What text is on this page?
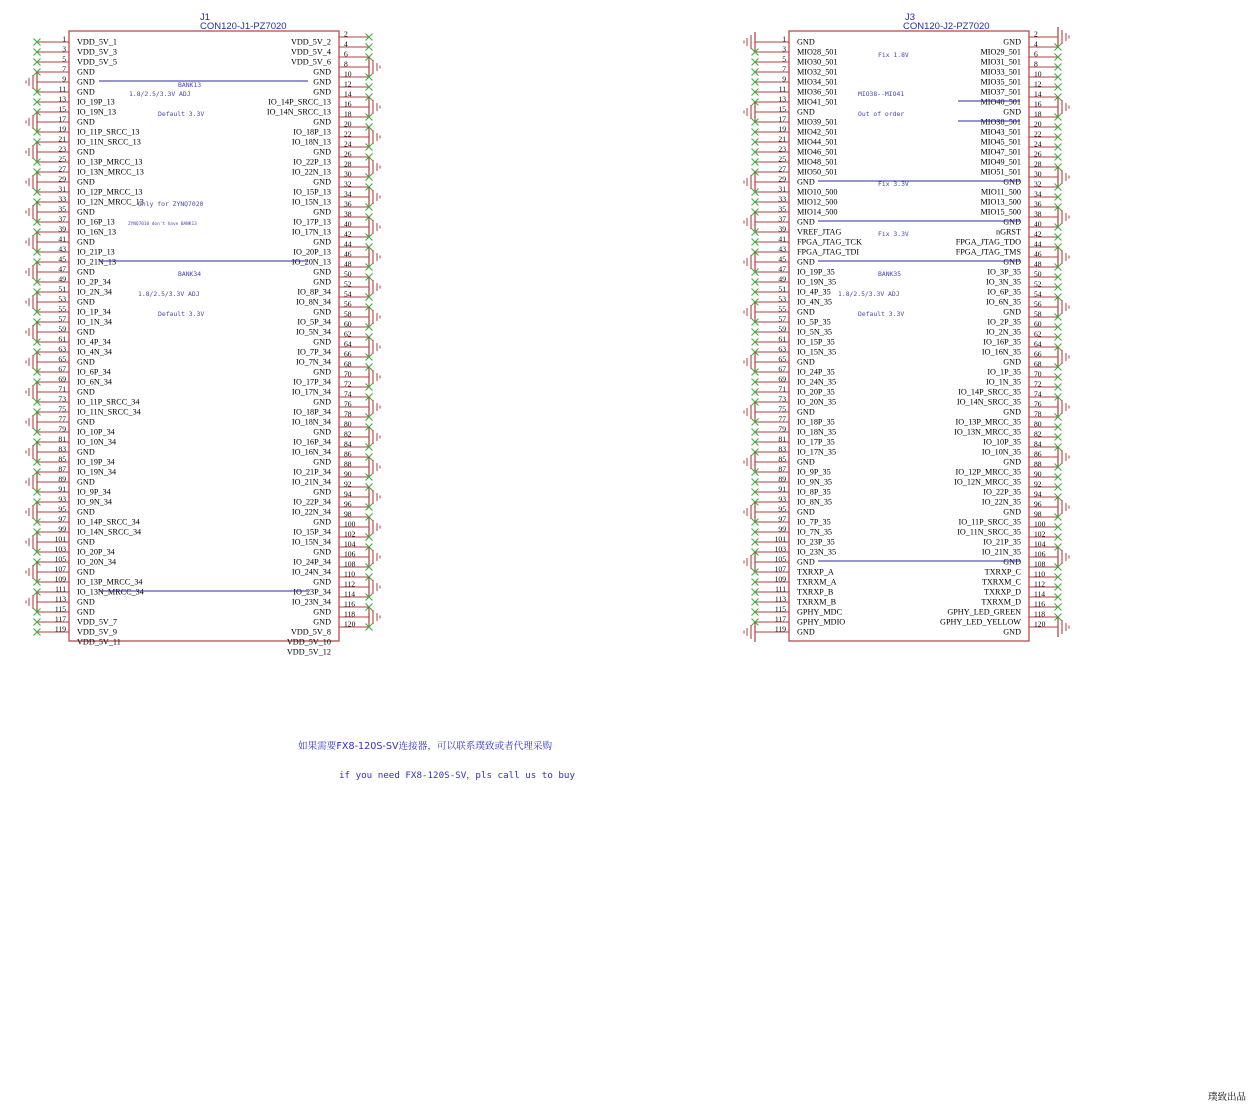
J1
CON120-J1-PZ7020
1 VDD_5V_1
3 VDD_5V_3
5 VDD_5V_5
7 GND
9 GND
11 GND
13 IO_19P_13
15 IO_19N_13
17 GND
19 IO_11P_SRCC_13
21 IO_11N_SRCC_13
23 GND
25 IO_13P_MRCC_13
27 IO_13N_MRCC_13
29 GND
31 IO_12P_MRCC_13
33 IO_12N_MRCC_13
35 GND
37 IO_16P_13
39 IO_16N_13
41 GND
43 IO_21P_13
45 IO_21N_13
47 GND
49 IO_2P_34
51 IO_2N_34
53 GND
55 IO_1P_34
57 IO_1N_34
59 GND
61 IO_4P_34
63 IO_4N_34
65 GND
67 IO_6P_34
69 IO_6N_34
71 GND
73 IO_11P_SRCC_34
75 IO_11N_SRCC_34
77 GND
79 IO_10P_34
81 IO_10N_34
83 GND
85 IO_19P_34
87 IO_19N_34
89 GND
91 IO_9P_34
93 IO_9N_34
95 GND
97 IO_14P_SRCC_34
99 IO_14N_SRCC_34
101 GND
103 IO_20P_34
105 IO_20N_34
107 GND
109 IO_13P_MRCC_34
111 IO_13N_MRCC_34
113 GND
115 GND
117 VDD_5V_7
119 VDD_5V_9
VDD_5V_11
2
VDD_5V_2 4
VDD_5V_4 6
VDD_5V_6 8
GND 10
GND 12
GND 14
IO_14P_SRCC_13 16
IO_14N_SRCC_13 18
GND 20
IO_18P_13 22
IO_18N_13 24
GND 26
IO_22P_13 28
IO_22N_13 30
GND 32
IO_15P_13 34
IO_15N_13 36
GND 38
IO_17P_13 40
IO_17N_13 42
GND 44
IO_20P_13 46
IO_20N_13 48
GND 50
GND 52
IO_8P_34 54
IO_8N_34 56
GND 58
IO_5P_34 60
IO_5N_34 62
GND 64
IO_7P_34 66
IO_7N_34 68
GND 70
IO_17P_34 72
IO_17N_34 74
GND 76
IO_18P_34 78
IO_18N_34 80
GND 82
IO_16P_34 84
IO_16N_34 86
GND 88
IO_21P_34 90
IO_21N_34 92
GND 94
IO_22P_34 96
IO_22N_34 98
GND 100
IO_15P_34 102
IO_15N_34 104
GND 106
IO_24P_34 108
IO_24N_34 110
GND 112
IO_23P_34 114
IO_23N_34 116
GND 118
GND 120
VDD_5V_8
VDD_5V_10
VDD_5V_12
BANK13
1.8/2.5/3.3V ADJ
Default 3.3V
Only for ZYNQ7020
ZYNQ7010 don't have BANK13
BANK34
1.8/2.5/3.3V ADJ
Default 3.3V
J3
CON120-J2-PZ7020
1 GND
3 MIO28_501
5 MIO30_501
7 MIO32_501
9 MIO34_501
11 MIO36_501
13 MIO41_501
15 GND
17 MIO39_501
19 MIO42_501
21 MIO44_501
23 MIO46_501
25 MIO48_501
27 MIO50_501
29 GND
31 MIO10_500
33 MIO12_500
35 MIO14_500
37 GND
39 VREF_JTAG
41 FPGA_JTAG_TCK
43 FPGA_JTAG_TDI
45 GND
47 IO_19P_35
49 IO_19N_35
51 IO_4P_35
53 IO_4N_35
55 GND
57 IO_5P_35
59 IO_5N_35
61 IO_15P_35
63 IO_15N_35
65 GND
67 IO_24P_35
69 IO_24N_35
71 IO_20P_35
73 IO_20N_35
75 GND
77 IO_18P_35
79 IO_18N_35
81 IO_17P_35
83 IO_17N_35
85 GND
87 IO_9P_35
89 IO_9N_35
91 IO_8P_35
93 IO_8N_35
95 GND
97 IO_7P_35
99 IO_7N_35
101 IO_23P_35
103 IO_23N_35
105 GND
107 TXRXP_A
109 TXRXM_A
111 TXRXP_B
113 TXRXM_B
115 GPHY_MDC
117 GPHY_MDIO
119 GND
2
GND 4
MIO29_501 6
MIO31_501 8
MIO33_501 10
MIO35_501 12
MIO37_501 14
MIO40_501 16
GND 18
MIO38_501 20
MIO43_501 22
MIO45_501 24
MIO47_501 26
MIO49_501 28
MIO51_501 30
GND 32
MIO11_500 34
MIO13_500 36
MIO15_500 38
GND 40
nGRST 42
FPGA_JTAG_TDO 44
FPGA_JTAG_TMS 46
GND 48
IO_3P_35 50
IO_3N_35 52
IO_6P_35 54
IO_6N_35 56
GND 58
IO_2P_35 60
IO_2N_35 62
IO_16P_35 64
IO_16N_35 66
GND 68
IO_1P_35 70
IO_1N_35 72
IO_14P_SRCC_35 74
IO_14N_SRCC_35 76
GND 78
IO_13P_MRCC_35 80
IO_13N_MRCC_35 82
IO_10P_35 84
IO_10N_35 86
GND 88
IO_12P_MRCC_35 90
IO_12N_MRCC_35 92
IO_22P_35 94
IO_22N_35 96
GND 98
IO_11P_SRCC_35 100
IO_11N_SRCC_35 102
IO_21P_35 104
IO_21N_35 106
GND 108
TXRXP_C 110
TXRXM_C 112
TXRXP_D 114
TXRXM_D 116
GPHY_LED_GREEN 118
GPHY_LED_YELLOW 120
GND
Fix 1.8V
MIO38--MIO41
Out of order
Fix 3.3V
Fix 3.3V
BANK35
1.8/2.5/3.3V ADJ
Default 3.3V
如果需要FX8-120S-SV连接器，可以联系璞致或者代理采购
if you need FX8-120S-SV，pls call us to buy
璞致出品
